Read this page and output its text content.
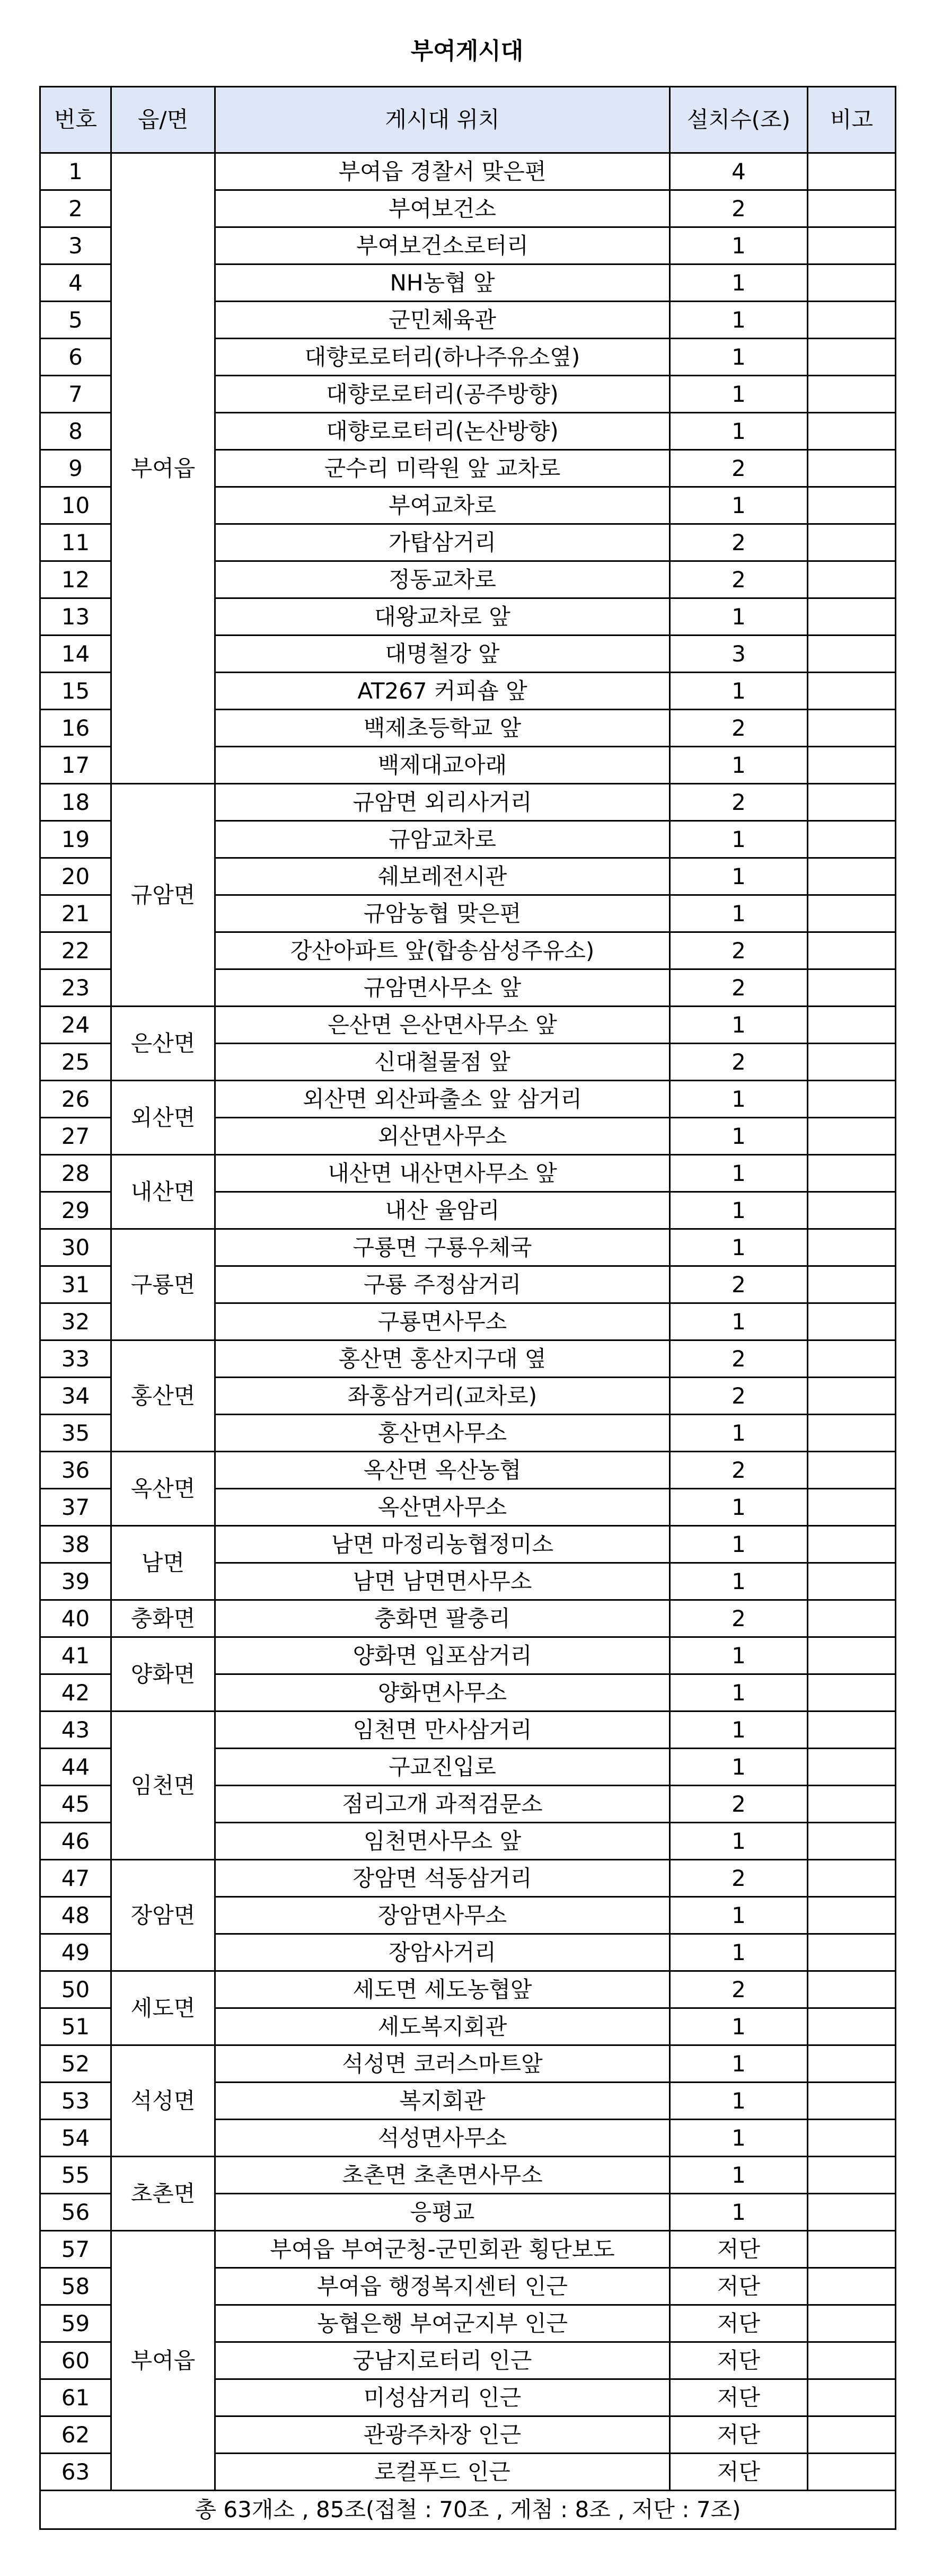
부여게시대
번호	읍/면	게시대 위치	설치수(조)	비고
1	부여읍	부여읍 경찰서 맞은편	4	
2		부여보건소	2	
3		부여보건소로터리	1	
4		NH농협 앞	1	
5		군민체육관	1	
6		대향로로터리(하나주유소옆)	1	
7		대향로로터리(공주방향)	1	
8		대향로로터리(논산방향)	1	
9		군수리 미락원 앞 교차로	2	
10		부여교차로	1	
11		가탑삼거리	2	
12		정동교차로	2	
13		대왕교차로 앞	1	
14		대명철강 앞	3	
15		AT267 커피숍 앞	1	
16		백제초등학교 앞	2	
17		백제대교아래	1	
18	규암면	규암면 외리사거리	2	
19		규암교차로	1	
20		쉐보레전시관	1	
21		규암농협 맞은편	1	
22		강산아파트 앞(합송삼성주유소)	2	
23		규암면사무소 앞	2	
24	은산면	은산면 은산면사무소 앞	1	
25		신대철물점 앞	2	
26	외산면	외산면 외산파출소 앞 삼거리	1	
27		외산면사무소	1	
28	내산면	내산면 내산면사무소 앞	1	
29		내산 율암리	1	
30	구룡면	구룡면 구룡우체국	1	
31		구룡 주정삼거리	2	
32		구룡면사무소	1	
33	홍산면	홍산면 홍산지구대 옆	2	
34		좌홍삼거리(교차로)	2	
35		홍산면사무소	1	
36	옥산면	옥산면 옥산농협	2	
37		옥산면사무소	1	
38	남면	남면 마정리농협정미소	1	
39		남면 남면면사무소	1	
40	충화면	충화면 팔충리	2	
41	양화면	양화면 입포삼거리	1	
42		양화면사무소	1	
43	임천면	임천면 만사삼거리	1	
44		구교진입로	1	
45		점리고개 과적검문소	2	
46		임천면사무소 앞	1	
47	장암면	장암면 석동삼거리	2	
48		장암면사무소	1	
49		장암사거리	1	
50	세도면	세도면 세도농협앞	2	
51		세도복지회관	1	
52	석성면	석성면 코러스마트앞	1	
53		복지회관	1	
54		석성면사무소	1	
55	초촌면	초촌면 초촌면사무소	1	
56		응평교	1	
57	부여읍	부여읍 부여군청-군민회관 횡단보도	저단	
58		부여읍 행정복지센터 인근	저단	
59		농협은행 부여군지부 인근	저단	
60		궁남지로터리 인근	저단	
61		미성삼거리 인근	저단	
62		관광주차장 인근	저단	
63		로컬푸드 인근	저단	
총 63개소 , 85조(접철 : 70조 , 게첨 : 8조 , 저단 : 7조)				
